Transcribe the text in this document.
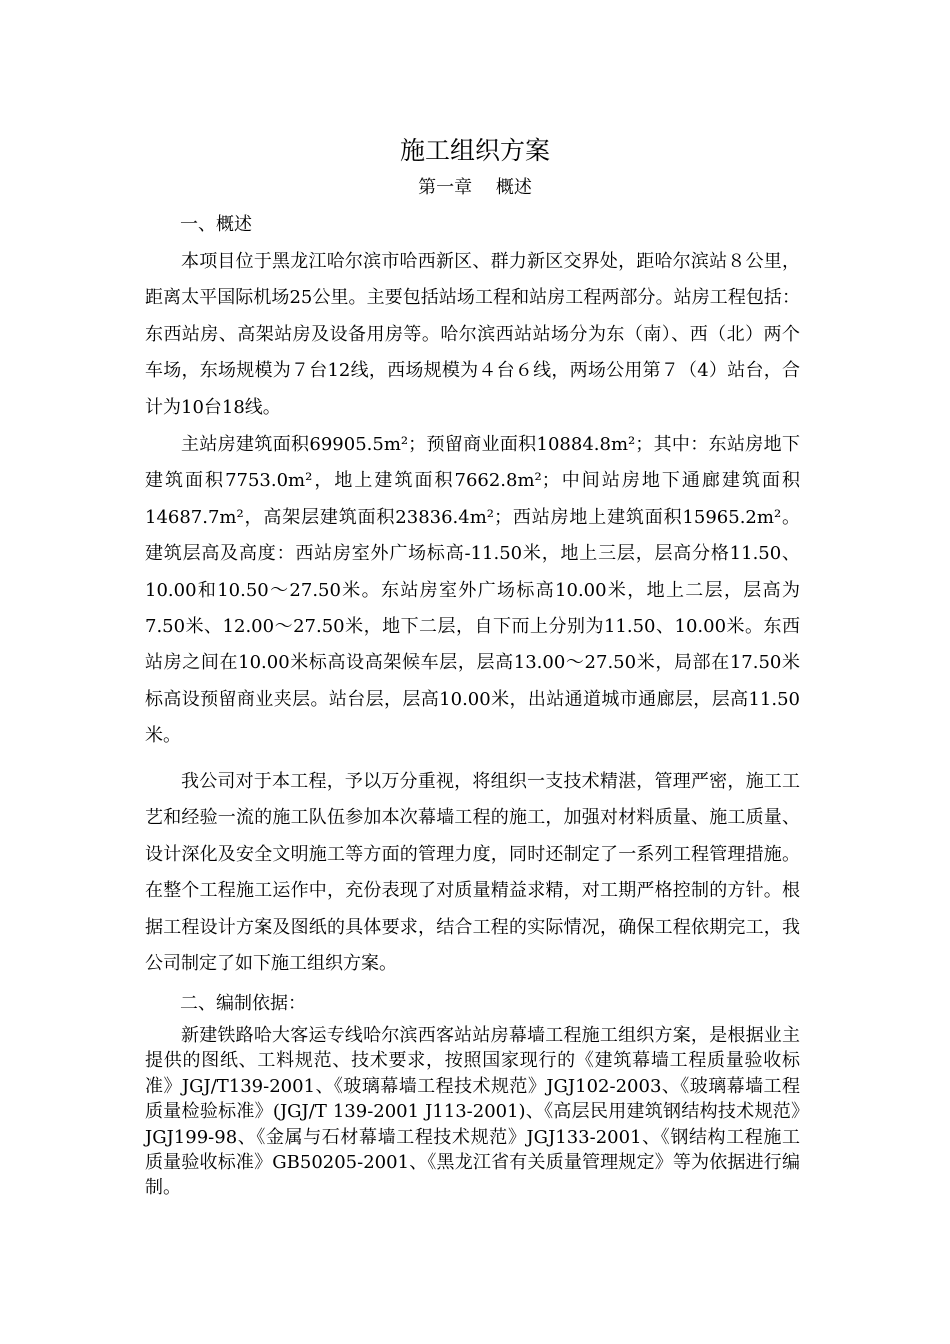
施工组织方案
第一章　 概述
一、概述

本项目位于黑龙江哈尔滨市哈西新区、群力新区交界处，距哈尔滨站８公里，距离太平国际机场25公里。主要包括站场工程和站房工程两部分。站房工程包括：东西站房、高架站房及设备用房等。哈尔滨西站站场分为东（南）、西（北）两个车场，东场规模为７台12线，西场规模为４台６线，两场公用第７（4）站台，合计为10台18线。

主站房建筑面积69905.5m²；预留商业面积10884.8m²；其中：东站房地下建筑面积7753.0m²，地上建筑面积7662.8m²；中间站房地下通廊建筑面积14687.7m²，高架层建筑面积23836.4m²；西站房地上建筑面积15965.2m²。建筑层高及高度：西站房室外广场标高-11.50米，地上三层，层高分格11.50、10.00和10.50～27.50米。东站房室外广场标高10.00米，地上二层，层高为7.50米、12.00～27.50米，地下二层，自下而上分别为11.50、10.00米。东西站房之间在10.00米标高设高架候车层，层高13.00～27.50米，局部在17.50米标高设预留商业夹层。站台层，层高10.00米，出站通道城市通廊层，层高11.50米。

我公司对于本工程，予以万分重视，将组织一支技术精湛，管理严密，施工工艺和经验一流的施工队伍参加本次幕墙工程的施工，加强对材料质量、施工质量、设计深化及安全文明施工等方面的管理力度，同时还制定了一系列工程管理措施。在整个工程施工运作中，充份表现了对质量精益求精，对工期严格控制的方针。根据工程设计方案及图纸的具体要求，结合工程的实际情况，确保工程依期完工，我公司制定了如下施工组织方案。

二、编制依据：

新建铁路哈大客运专线哈尔滨西客站站房幕墙工程施工组织方案，是根据业主提供的图纸、工料规范、技术要求，按照国家现行的《建筑幕墙工程质量验收标准》JGJ/T139-2001、《玻璃幕墙工程技术规范》JGJ102-2003、《玻璃幕墙工程质量检验标准》(JGJ/T 139-2001 J113-2001)、《高层民用建筑钢结构技术规范》JGJ199-98、《金属与石材幕墙工程技术规范》JGJ133-2001、《钢结构工程施工质量验收标准》GB50205-2001、《黑龙江省有关质量管理规定》等为依据进行编制。
